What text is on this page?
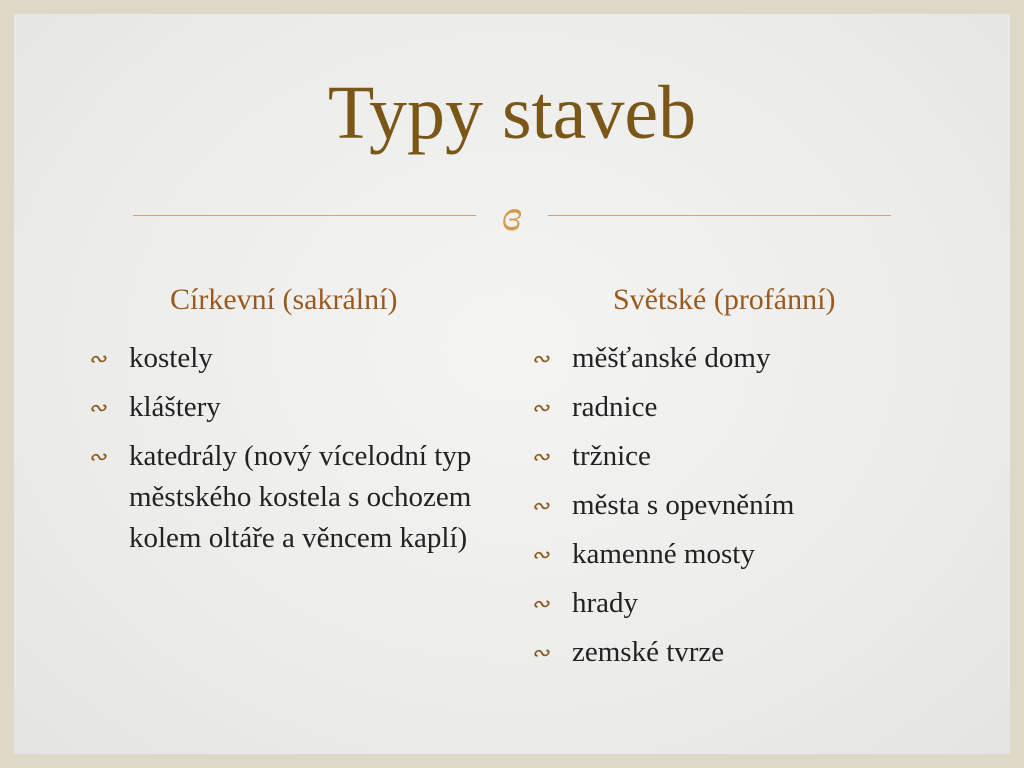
Typy staveb
ɞ
Církevní (sakrální)	Světské (profánní)
∾ kostely
∾ kláštery
∾ katedrály (nový vícelodní typ městského kostela s ochozem kolem oltáře a věncem kaplí)
∾ měšťanské domy
∾ radnice
∾ tržnice
∾ města s opevněním
∾ kamenné mosty
∾ hrady
∾ zemské tvrze
